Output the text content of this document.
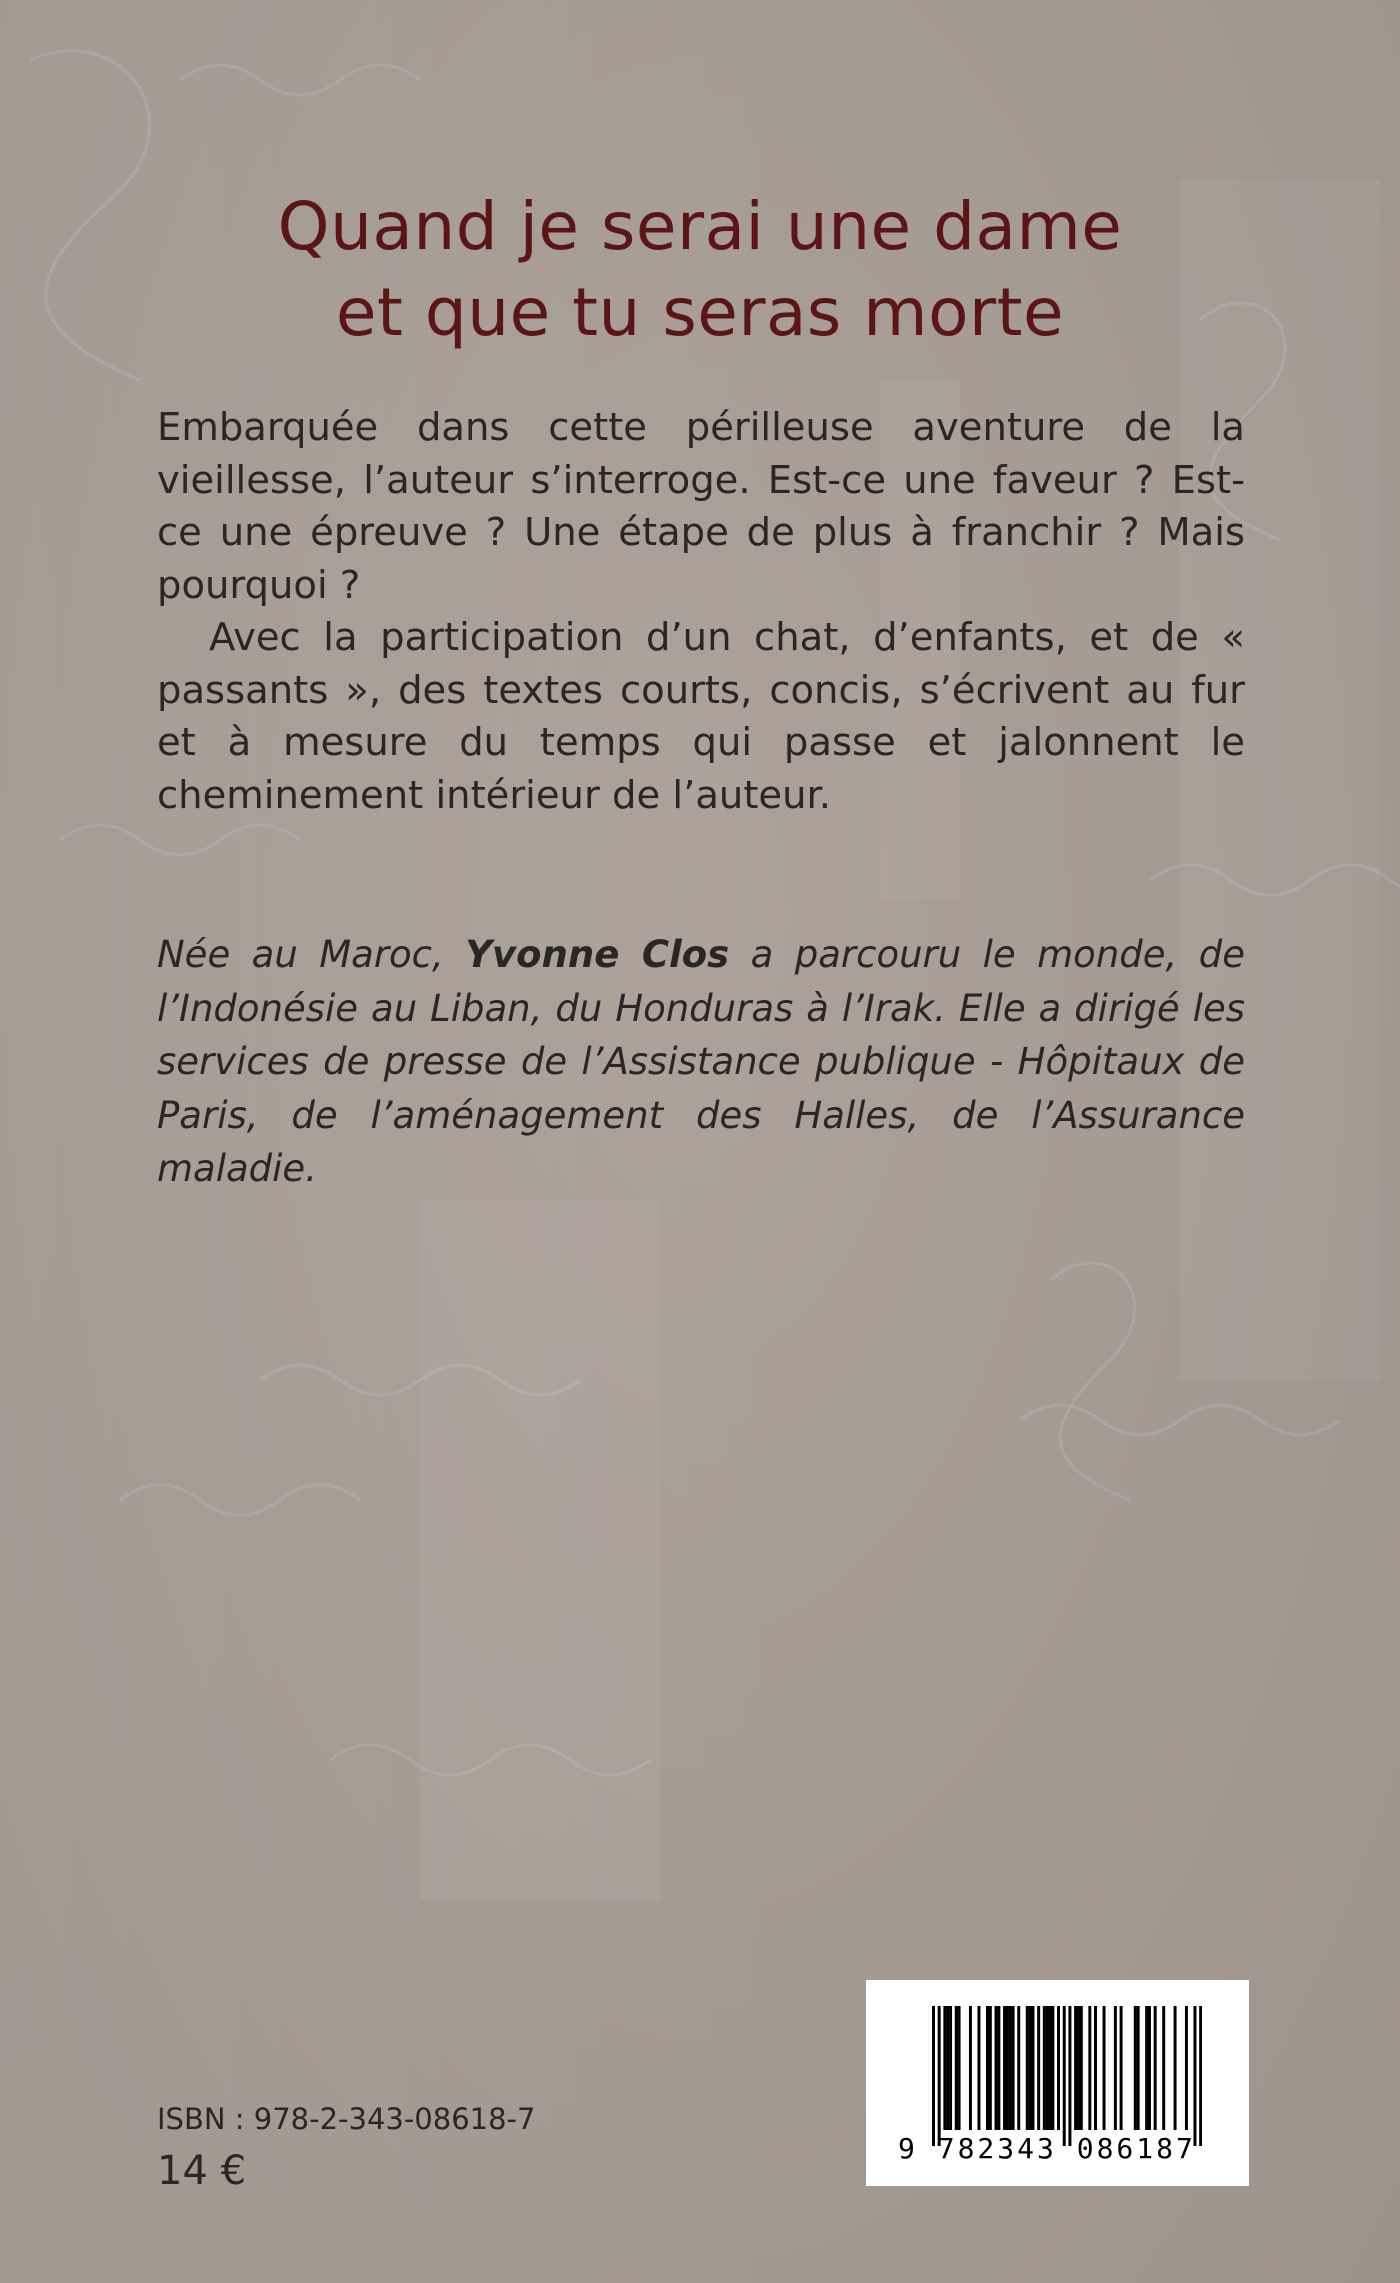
Quand je serai une dame
et que tu seras morte

Embarquée dans cette périlleuse aventure de la vieillesse, l’auteur s’interroge. Est-ce une faveur ? Est-ce une épreuve ? Une étape de plus à franchir ? Mais pourquoi ?

Avec la participation d’un chat, d’enfants, et de « passants », des textes courts, concis, s’écrivent au fur et à mesure du temps qui passe et jalonnent le cheminement intérieur de l’auteur.

Née au Maroc, Yvonne Clos a parcouru le monde, de l’Indonésie au Liban, du Honduras à l’Irak. Elle a dirigé les services de presse de l’Assistance publique - Hôpitaux de Paris, de l’aménagement des Halles, de l’Assurance maladie.

ISBN : 978-2-343-08618-7
14 €	9 782343 086187
